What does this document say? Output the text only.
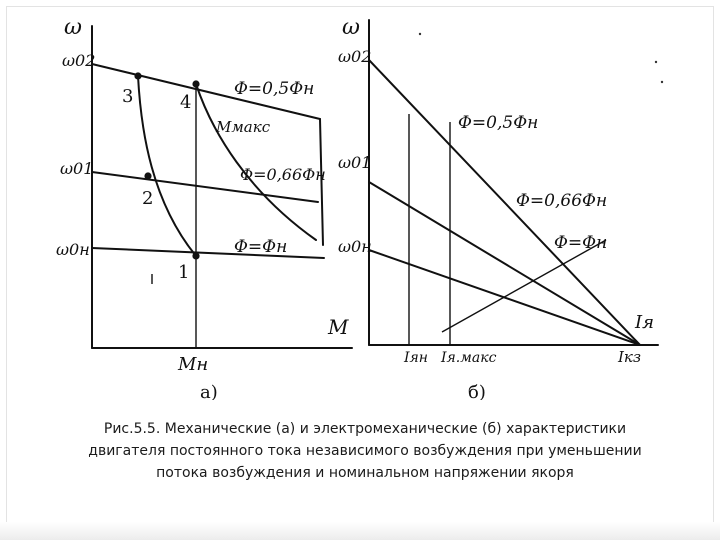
ω
ω02
ω01
ω0н
M
Mн
Mмакс
Φ=0,5Φн
Φ=0,66Φн
Φ=Φн
1
2
3	4
а)
ω
ω02
ω01
ω0н
Iя
Iян Iя.макс	Iкз
Φ=0,5Φн
Φ=0,66Φн
Φ=Φн
б)
Рис.5.5. Механические (а) и электромеханические (б) характеристики
двигателя постоянного тока независимого возбуждения при уменьшении
потока возбуждения и номинальном напряжении якоря
